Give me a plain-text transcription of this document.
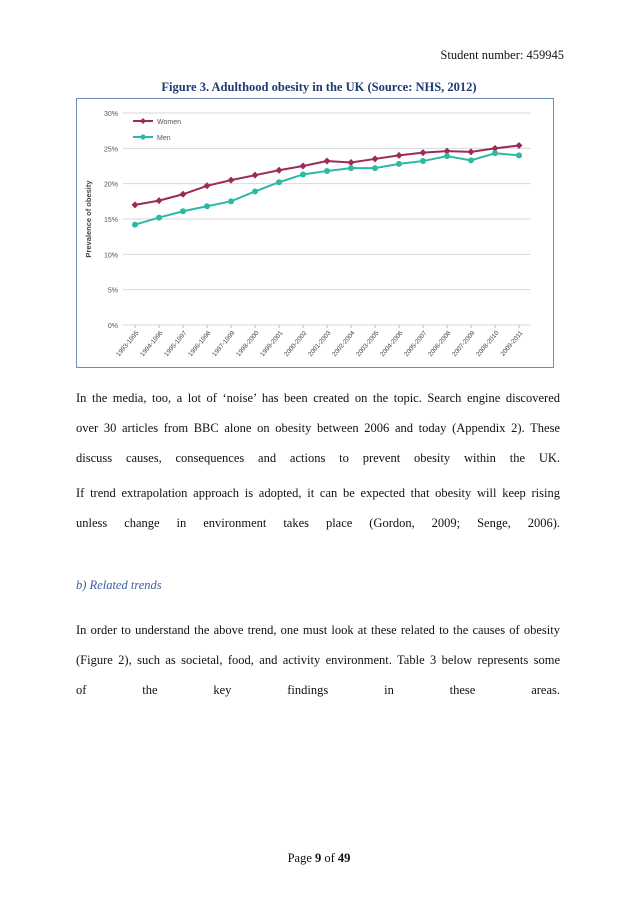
Student number: 459945
Figure 3. Adulthood obesity in the UK (Source: NHS, 2012)
0%
5%
10%
15%
20%
25%
30%
Prevalence of obesity
1993-1995
1994-1996
1995-1997
1996-1998
1997-1999
1998-2000
1999-2001
2000-2002
2001-2003
2002-2004
2003-2005
2004-2006
2005-2007
2006-2008
2007-2009
2008-2010
2009-2011
Women
Men
In the media, too, a lot of ‘noise’ has been created on the topic. Search engine discovered
over 30 articles from BBC alone on obesity between 2006 and today (Appendix 2). These
discuss causes, consequences and actions to prevent obesity within the UK.
If trend extrapolation approach is adopted, it can be expected that obesity will keep rising
unless change in environment takes place (Gordon, 2009; Senge, 2006).
b) Related trends
In order to understand the above trend, one must look at these related to the causes of obesity
(Figure 2), such as societal, food, and activity environment. Table 3 below represents some
of the key findings in these areas.
Page 9 of 49
